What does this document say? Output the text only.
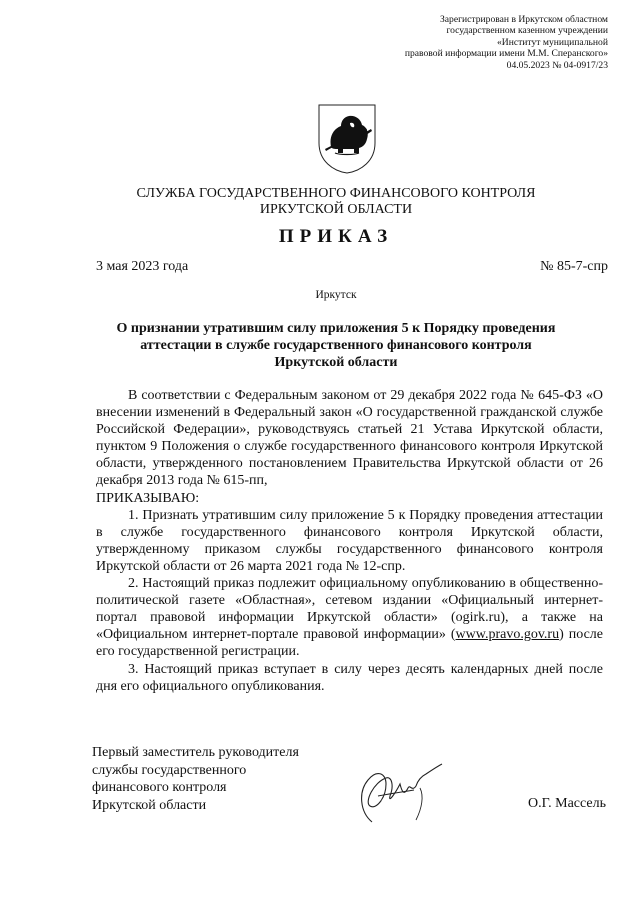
Зарегистрирован в Иркутском областном
государственном казенном учреждении
«Институт муниципальной
правовой информации имени М.М. Сперанского»
04.05.2023 № 04-0917/23
СЛУЖБА ГОСУДАРСТВЕННОГО ФИНАНСОВОГО КОНТРОЛЯ
ИРКУТСКОЙ ОБЛАСТИ
ПРИКАЗ
3 мая 2023 года	№ 85-7-спр
Иркутск
О признании утратившим силу приложения 5 к Порядку проведения
аттестации в службе государственного финансового контроля
Иркутской области

В соответствии с Федеральным законом от 29 декабря 2022 года № 645-ФЗ «О внесении изменений в Федеральный закон «О государственной гражданской службе Российской Федерации», руководствуясь статьей 21 Устава Иркутской области, пунктом 9 Положения о службе государственного финансового контроля Иркутской области, утвержденного постановлением Правительства Иркутской области от 26 декабря 2013 года № 615-пп,

ПРИКАЗЫВАЮ:

1. Признать утратившим силу приложение 5 к Порядку проведения аттестации в службе государственного финансового контроля Иркутской области, утвержденному приказом службы государственного финансового контроля Иркутской области от 26 марта 2021 года № 12-спр.

2. Настоящий приказ подлежит официальному опубликованию в общественно-политической газете «Областная», сетевом издании «Официальный интернет-портал правовой информации Иркутской области» (ogirk.ru), а также на «Официальном интернет-портале правовой информации» (www.pravo.gov.ru) после его государственной регистрации.

3. Настоящий приказ вступает в силу через десять календарных дней после дня его официального опубликования.

Первый заместитель руководителя
службы государственного
финансового контроля
Иркутской области	О.Г. Массель
